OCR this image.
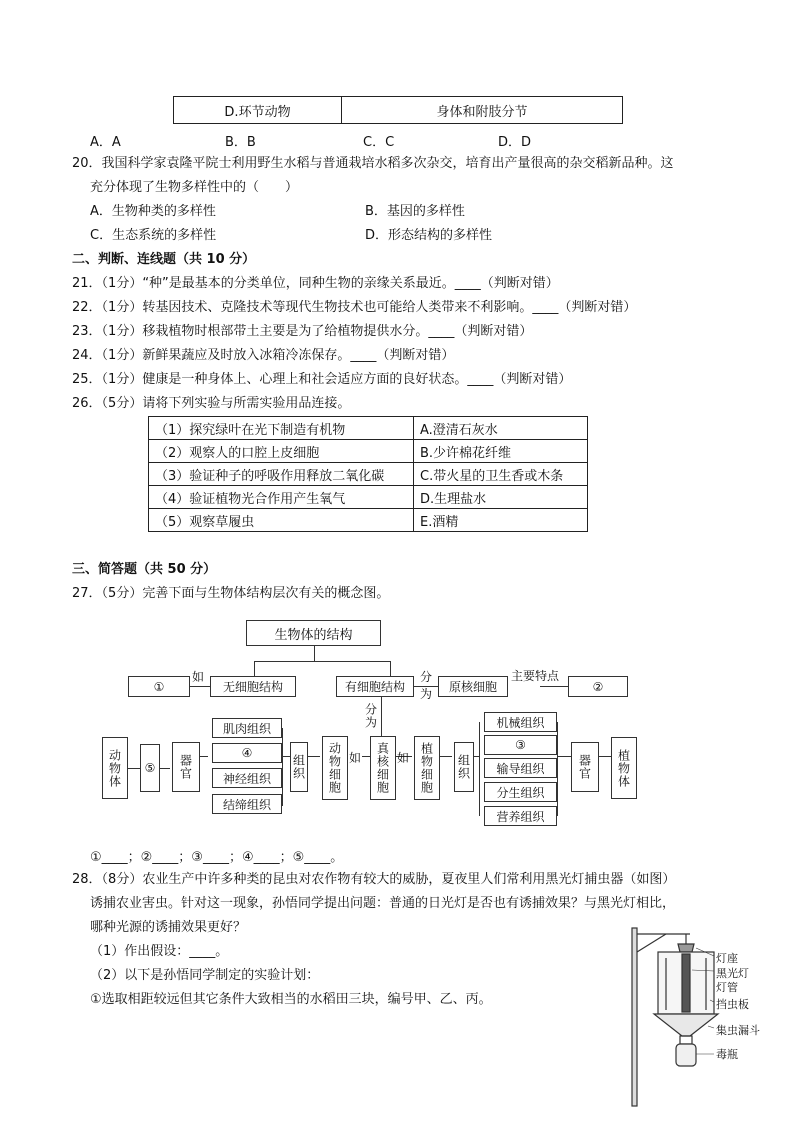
D.环节动物	身体和附肢分节
A．A	B．B	C．C	D．D
20．我国科学家袁隆平院士利用野生水稻与普通栽培水稻多次杂交，培育出产量很高的杂交稻新品种。这
充分体现了生物多样性中的（　　）
A．生物种类的多样性	B．基因的多样性
C．生态系统的多样性	D．形态结构的多样性
二、判断、连线题（共 10 分）
21．（1分）“种”是最基本的分类单位，同种生物的亲缘关系最近。____（判断对错）
22．（1分）转基因技术、克隆技术等现代生物技术也可能给人类带来不利影响。____（判断对错）
23．（1分）移栽植物时根部带土主要是为了给植物提供水分。____（判断对错）
24．（1分）新鲜果蔬应及时放入冰箱冷冻保存。____（判断对错）
25．（1分）健康是一种身体上、心理上和社会适应方面的良好状态。____（判断对错）
26．（5分）请将下列实验与所需实验用品连接。
（1）探究绿叶在光下制造有机物	A.澄清石灰水
（2）观察人的口腔上皮细胞	B.少许棉花纤维
（3）验证种子的呼吸作用释放二氧化碳	C.带火星的卫生香或木条
（4）验证植物光合作用产生氧气	D.生理盐水
（5）观察草履虫	E.酒精
三、简答题（共 50 分）
27．（5分）完善下面与生物体结构层次有关的概念图。
生物体的结构
如
①	无细胞结构	有细胞结构
分
为	原核细胞
主要特点
②
分为
动物体	⑤	器官
肌肉组织
④
神经组织
结缔组织
组织	动物细胞 如	真核细胞 如 植物细胞	组织
机械组织
③
输导组织
分生组织
营养组织
器官	植物体
①____；②____；③____；④____；⑤____。
28．（8分）农业生产中许多种类的昆虫对农作物有较大的威胁，夏夜里人们常利用黑光灯捕虫器（如图）
诱捕农业害虫。针对这一现象，孙悟同学提出问题：普通的日光灯是否也有诱捕效果？与黑光灯相比，
哪种光源的诱捕效果更好？
（1）作出假设：____。
（2）以下是孙悟同学制定的实验计划：
①选取相距较远但其它条件大致相当的水稻田三块，编号甲、乙、丙。
灯座
黑光灯
灯管
挡虫板
集虫漏斗
毒瓶
